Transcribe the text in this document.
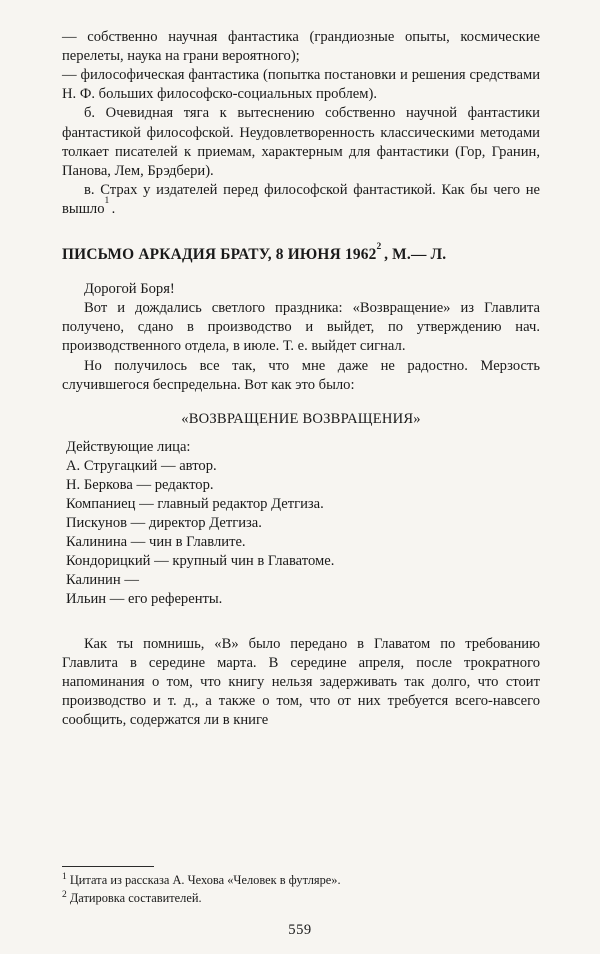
— собственно научная фантастика (грандиозные опыты, космические перелеты, наука на грани вероятного);

— философическая фантастика (попытка постановки и решения средствами Н. Ф. больших философско-социальных проблем).

б. Очевидная тяга к вытеснению собственно научной фантастики фантастикой философской. Неудовлетворенность классическими методами толкает писателей к приемам, характерным для фантастики (Гор, Гранин, Панова, Лем, Брэдбери).

в. Страх у издателей перед философской фантастикой. Как бы чего не вышло$^{^1}$ .

ПИСЬМО АРКАДИЯ БРАТУ, 8 ИЮНЯ 1962$^{^2}$ , М.— Л.

Дорогой Боря!

Вот и дождались светлого праздника: «Возвращение» из Главлита получено, сдано в производство и выйдет, по утверждению нач. производственного отдела, в июле. Т. е. выйдет сигнал.

Но получилось все так, что мне даже не радостно. Мерзость случившегося беспредельна. Вот как это было:

«ВОЗВРАЩЕНИЕ ВОЗВРАЩЕНИЯ»

Действующие лица:

А. Стругацкий — автор.

Н. Беркова — редактор.

Компаниец — главный редактор Детгиза.

Пискунов — директор Детгиза.

Калинина — чин в Главлите.

Кондорицкий — крупный чин в Главатоме.

Калинин —

Ильин — его референты.

Как ты помнишь, «В» было передано в Главатом по требованию Главлита в середине марта. В середине апреля, после трократного напоминания о том, что книгу нельзя задерживать так долго, что стоит производство и т. д., а также о том, что от них требуется всего-навсего сообщить, содержатся ли в книге

$^1$ Цитата из рассказа А. Чехова «Человек в футляре».

$^2$ Датировка составителей.

559
